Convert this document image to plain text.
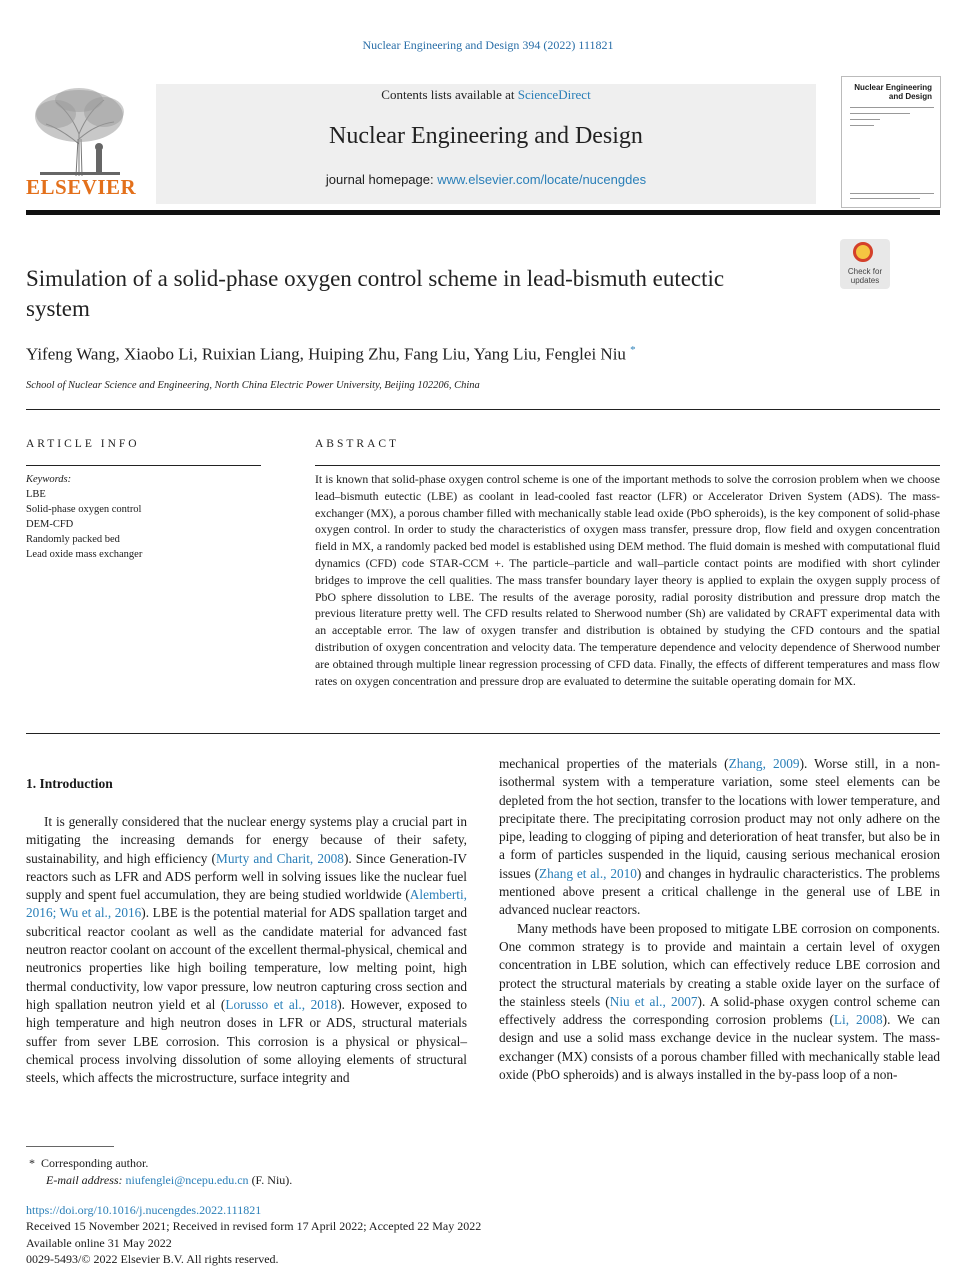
Nuclear Engineering and Design 394 (2022) 111821
ELSEVIER
Contents lists available at ScienceDirect
Nuclear Engineering and Design
journal homepage: www.elsevier.com/locate/nucengdes
Nuclear Engineering
and Design
Simulation of a solid-phase oxygen control scheme in lead-bismuth eutectic system
Check for
updates
Yifeng Wang, Xiaobo Li, Ruixian Liang, Huiping Zhu, Fang Liu, Yang Liu, Fenglei Niu *
School of Nuclear Science and Engineering, North China Electric Power University, Beijing 102206, China
ARTICLE INFO
Keywords:
LBE
Solid-phase oxygen control
DEM-CFD
Randomly packed bed
Lead oxide mass exchanger
ABSTRACT
It is known that solid-phase oxygen control scheme is one of the important methods to solve the corrosion problem when we choose lead–bismuth eutectic (LBE) as coolant in lead-cooled fast reactor (LFR) or Accelerator Driven System (ADS). The mass-exchanger (MX), a porous chamber filled with mechanically stable lead oxide (PbO spheroids), is the key component of solid-phase oxygen control. In order to study the characteristics of oxygen mass transfer, pressure drop, flow field and oxygen concentration field in MX, a randomly packed bed model is established using DEM method. The fluid domain is meshed with computational fluid dynamics (CFD) code STAR-CCM +. The particle–particle and wall–particle contact points are modified with short cylinder bridges to improve the cell qualities. The mass transfer boundary layer theory is applied to explain the oxygen supply process of PbO sphere dissolution to LBE. The results of the average porosity, radial porosity distribution and pressure drop match the previous literature pretty well. The CFD results related to Sherwood number (Sh) are validated by CRAFT experimental data with an acceptable error. The law of oxygen transfer and distribution is obtained by studying the CFD contours and the spatial distribution of oxygen concentration and velocity data. The temperature dependence and velocity dependence of Sherwood number are obtained through multiple linear regression processing of CFD data. Finally, the effects of different temperatures and mass flow rates on oxygen concentration and pressure drop are evaluated to determine the suitable operating domain for MX.
1. Introduction

It is generally considered that the nuclear energy systems play a crucial part in mitigating the increasing demands for energy because of their safety, sustainability, and high efficiency (Murty and Charit, 2008). Since Generation-IV reactors such as LFR and ADS perform well in solving issues like the nuclear fuel supply and spent fuel accumulation, they are being studied worldwide (Alemberti, 2016; Wu et al., 2016). LBE is the potential material for ADS spallation target and subcritical reactor coolant as well as the candidate material for advanced fast neutron reactor coolant on account of the excellent thermal-physical, chemical and neutronics properties like high boiling temperature, low melting point, high thermal conductivity, low vapor pressure, low neutron capturing cross section and high spallation neutron yield et al (Lorusso et al., 2018). However, exposed to high temperature and high neutron doses in LFR or ADS, structural materials suffer from sever LBE corrosion. This corrosion is a physical or physical–chemical process involving dissolution of some alloying elements of structural steels, which affects the microstructure, surface integrity and

mechanical properties of the materials (Zhang, 2009). Worse still, in a non-isothermal system with a temperature variation, some steel elements can be depleted from the hot section, transfer to the locations with lower temperature, and precipitate there. The precipitating corrosion product may not only adhere on the pipe, leading to clogging of piping and deterioration of heat transfer, but also be in a form of particles suspended in the liquid, causing serious mechanical erosion issues (Zhang et al., 2010) and changes in hydraulic characteristics. The problems mentioned above present a critical challenge in the general use of LBE in advanced nuclear reactors.

Many methods have been proposed to mitigate LBE corrosion on components. One common strategy is to provide and maintain a certain level of oxygen concentration in LBE solution, which can effectively reduce LBE corrosion and protect the structural materials by creating a stable oxide layer on the surface of the stainless steels (Niu et al., 2007). A solid-phase oxygen control scheme can effectively address the corresponding corrosion problems (Li, 2008). We can design and use a solid mass exchange device in the nuclear system. The mass-exchanger (MX) consists of a porous chamber filled with mechanically stable lead oxide (PbO spheroids) and is always installed in the by-pass loop of a non-

* Corresponding author.
E-mail address: niufenglei@ncepu.edu.cn (F. Niu).
https://doi.org/10.1016/j.nucengdes.2022.111821
Received 15 November 2021; Received in revised form 17 April 2022; Accepted 22 May 2022
Available online 31 May 2022
0029-5493/© 2022 Elsevier B.V. All rights reserved.
